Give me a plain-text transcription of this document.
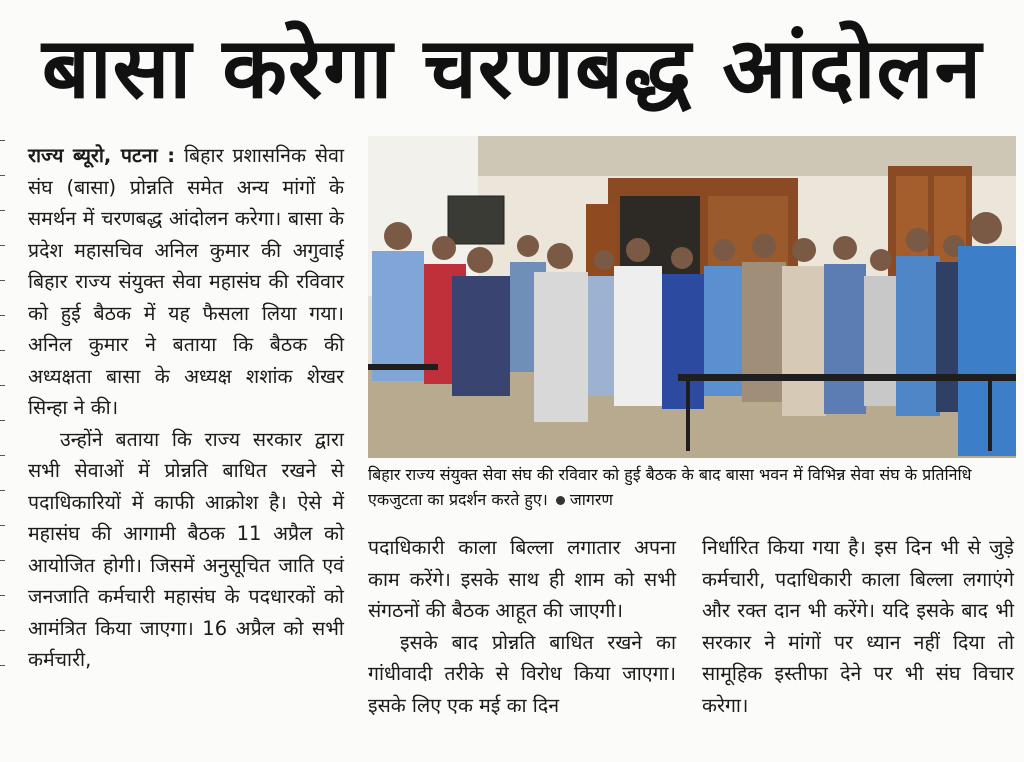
बासा करेगा चरणबद्ध आंदोलन

राज्य ब्यूरो, पटना : बिहार प्रशासनिक सेवा संघ (बासा) प्रोन्नति समेत अन्य मांगों के समर्थन में चरणबद्ध आंदोलन करेगा। बासा के प्रदेश महासचिव अनिल कुमार की अगुवाई बिहार राज्य संयुक्त सेवा महासंघ की रविवार को हुई बैठक में यह फैसला लिया गया। अनिल कुमार ने बताया कि बैठक की अध्यक्षता बासा के अध्यक्ष शशांक शेखर सिन्हा ने की।

उन्होंने बताया कि राज्य सरकार द्वारा सभी सेवाओं में प्रोन्नति बाधित रखने से पदाधिकारियों में काफी आक्रोश है। ऐसे में महासंघ की आगामी बैठक 11 अप्रैल को आयोजित होगी। जिसमें अनुसूचित जाति एवं जनजाति कर्मचारी महासंघ के पदधारकों को आमंत्रित किया जाएगा। 16 अप्रैल को सभी कर्मचारी,

बिहार राज्य संयुक्त सेवा संघ की रविवार को हुई बैठक के बाद बासा भवन में विभिन्न सेवा संघ के प्रतिनिधि एकजुटता का प्रदर्शन करते हुए। जागरण

पदाधिकारी काला बिल्ला लगातार अपना काम करेंगे। इसके साथ ही शाम को सभी संगठनों की बैठक आहूत की जाएगी।

इसके बाद प्रोन्नति बाधित रखने का गांधीवादी तरीके से विरोध किया जाएगा। इसके लिए एक मई का दिन

निर्धारित किया गया है। इस दिन भी से जुड़े कर्मचारी, पदाधिकारी काला बिल्ला लगाएंगे और रक्त दान भी करेंगे। यदि इसके बाद भी सरकार ने मांगों पर ध्यान नहीं दिया तो सामूहिक इस्तीफा देने पर भी संघ विचार करेगा।
